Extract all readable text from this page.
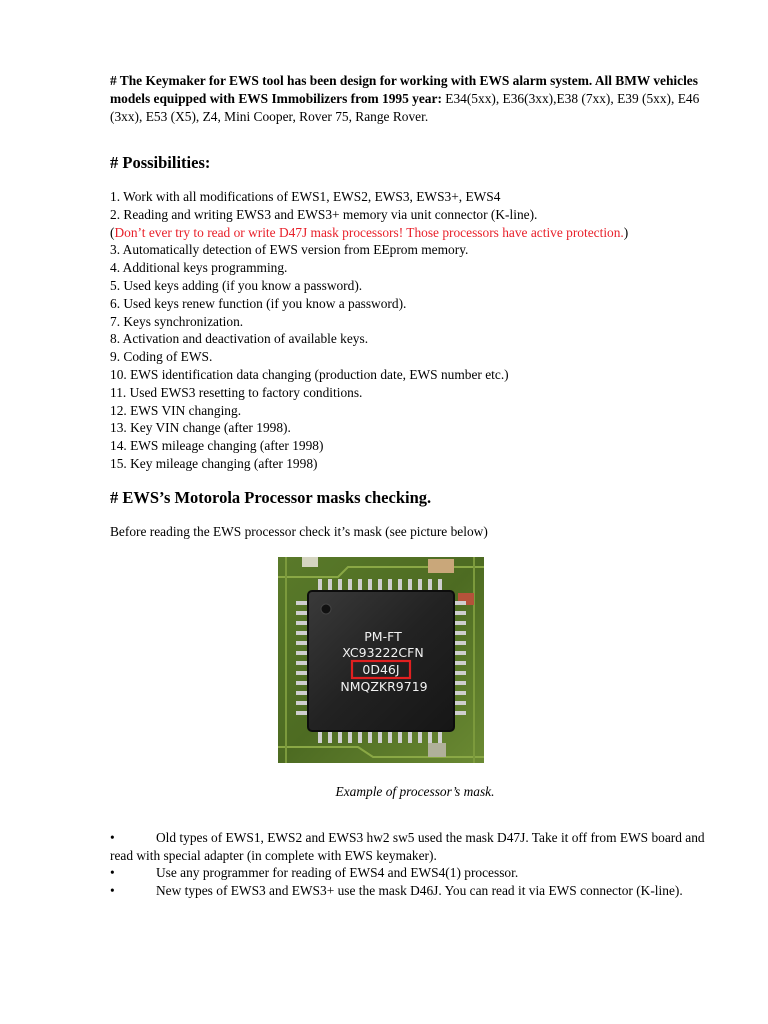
# The Keymaker for EWS tool has been design for working with EWS alarm system. All BMW vehicles models equipped with EWS Immobilizers from 1995 year: E34(5xx), E36(3xx),E38 (7xx), E39 (5xx), E46 (3xx), E53 (X5), Z4, Mini Cooper, Rover 75, Range Rover.

# Possibilities:
1. Work with all modifications of EWS1, EWS2, EWS3, EWS3+, EWS4
2. Reading and writing EWS3 and EWS3+ memory via unit connector (K-line).
(Don’t ever try to read or write D47J mask processors! Those processors have active protection.)
3. Automatically detection of EWS version from EEprom memory.
4. Additional keys programming.
5. Used keys adding (if you know a password).
6. Used keys renew function (if you know a password).
7. Keys synchronization.
8. Activation and deactivation of available keys.
9. Coding of EWS.
10. EWS identification data changing (production date, EWS number etc.)
11. Used EWS3 resetting to factory conditions.
12. EWS VIN changing.
13. Key VIN change (after 1998).
14. EWS mileage changing (after 1998)
15. Key mileage changing (after 1998)
# EWS’s Motorola Processor masks checking.

Before reading the EWS processor check it’s mask (see picture below)

PM-FT
XC93222CFN
0D46J
NMQZKR9719
Example of processor’s mask.
•	Old types of EWS1, EWS2 and EWS3 hw2 sw5 used the mask D47J. Take it off from EWS board and read with special adapter (in complete with EWS keymaker).
•	Use any programmer for reading of EWS4 and EWS4(1) processor.
•	New types of EWS3 and EWS3+ use the mask D46J. You can read it via EWS connector (K-line).
